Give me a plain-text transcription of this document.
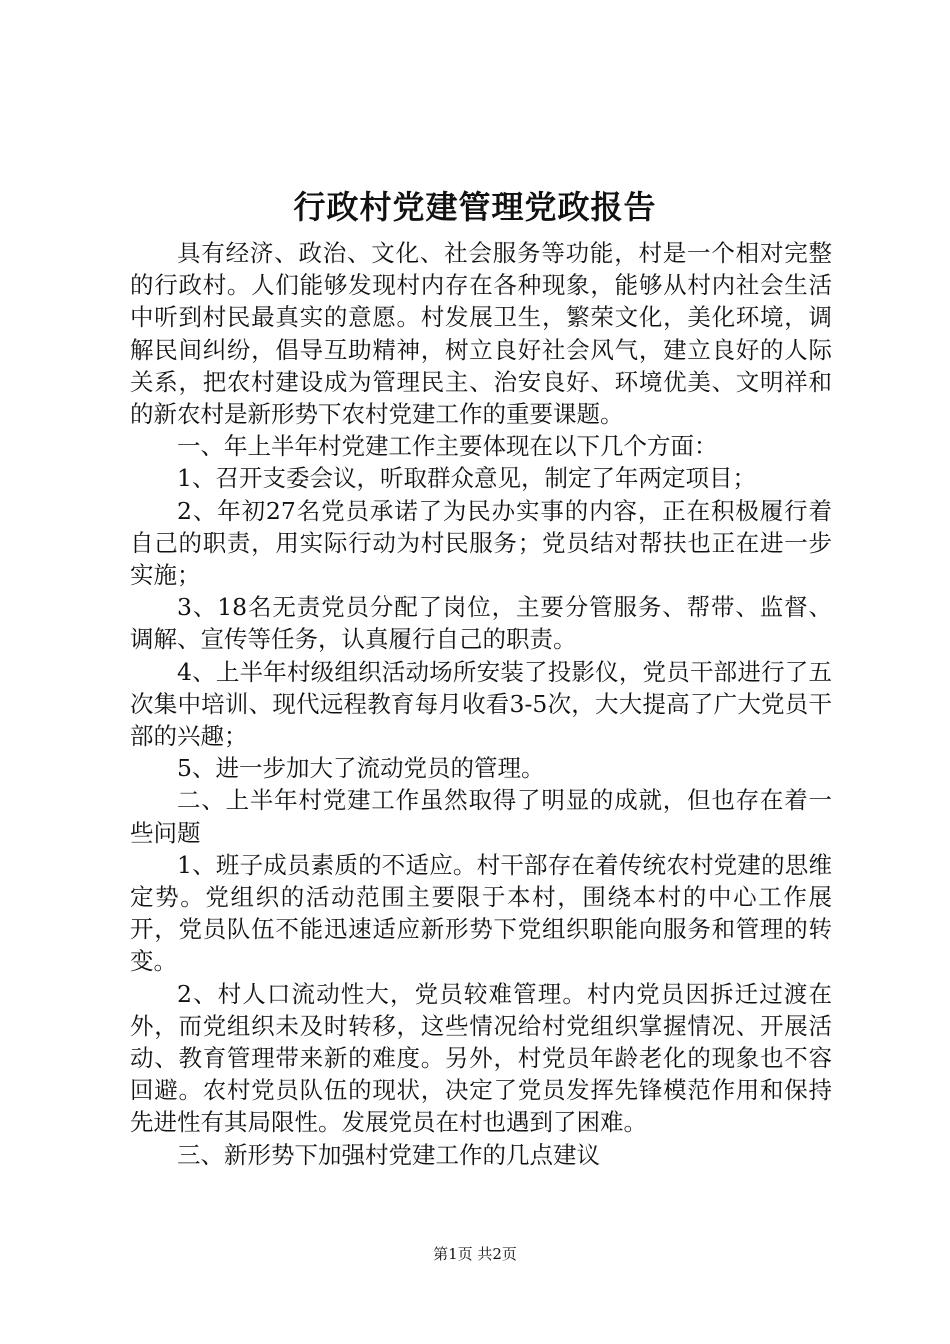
行政村党建管理党政报告

具有经济、政治、文化、社会服务等功能，村是一个相对完整的行政村。人们能够发现村内存在各种现象，能够从村内社会生活中听到村民最真实的意愿。村发展卫生，繁荣文化，美化环境，调解民间纠纷，倡导互助精神，树立良好社会风气，建立良好的人际关系，把农村建设成为管理民主、治安良好、环境优美、文明祥和的新农村是新形势下农村党建工作的重要课题。

一、年上半年村党建工作主要体现在以下几个方面：

1、召开支委会议，听取群众意见，制定了年两定项目；

2、年初27名党员承诺了为民办实事的内容，正在积极履行着自己的职责，用实际行动为村民服务；党员结对帮扶也正在进一步实施；

3、18名无责党员分配了岗位，主要分管服务、帮带、监督、调解、宣传等任务，认真履行自己的职责。

4、上半年村级组织活动场所安装了投影仪，党员干部进行了五次集中培训、现代远程教育每月收看3-5次，大大提高了广大党员干部的兴趣；

5、进一步加大了流动党员的管理。

二、上半年村党建工作虽然取得了明显的成就，但也存在着一些问题

1、班子成员素质的不适应。村干部存在着传统农村党建的思维定势。党组织的活动范围主要限于本村，围绕本村的中心工作展开，党员队伍不能迅速适应新形势下党组织职能向服务和管理的转变。

2、村人口流动性大，党员较难管理。村内党员因拆迁过渡在外，而党组织未及时转移，这些情况给村党组织掌握情况、开展活动、教育管理带来新的难度。另外，村党员年龄老化的现象也不容回避。农村党员队伍的现状，决定了党员发挥先锋模范作用和保持先进性有其局限性。发展党员在村也遇到了困难。

三、新形势下加强村党建工作的几点建议

第1页 共2页
